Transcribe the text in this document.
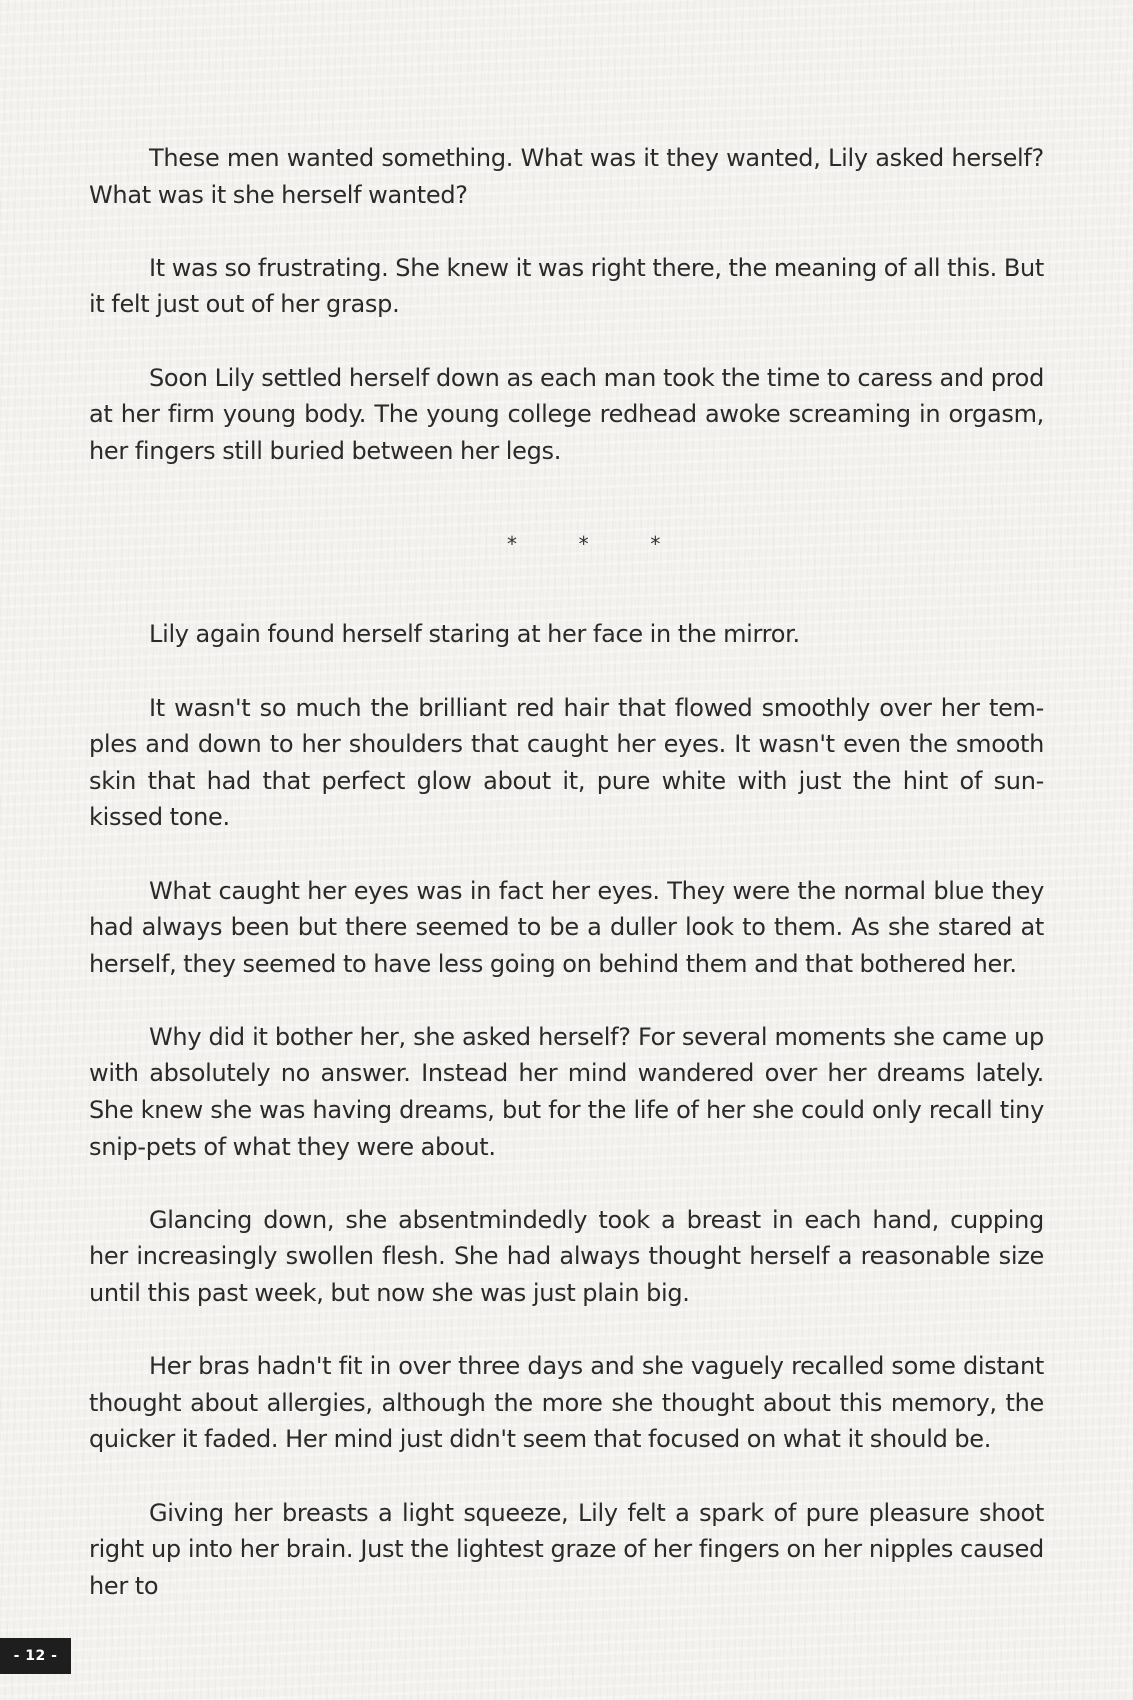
These men wanted something. What was it they wanted, Lily asked herself? What was it she herself wanted?

It was so frustrating. She knew it was right there, the meaning of all this. But it felt just out of her grasp.

Soon Lily settled herself down as each man took the time to caress and prod at her firm young body. The young college redhead awoke screaming in orgasm, her fingers still buried between her legs.

*	*	*

Lily again found herself staring at her face in the mirror.

It wasn't so much the brilliant red hair that flowed smoothly over her tem-ples and down to her shoulders that caught her eyes. It wasn't even the smooth skin that had that perfect glow about it, pure white with just the hint of sun-kissed tone.

What caught her eyes was in fact her eyes. They were the normal blue they had always been but there seemed to be a duller look to them. As she stared at herself, they seemed to have less going on behind them and that bothered her.

Why did it bother her, she asked herself? For several moments she came up with absolutely no answer. Instead her mind wandered over her dreams lately. She knew she was having dreams, but for the life of her she could only recall tiny snip-pets of what they were about.

Glancing down, she absentmindedly took a breast in each hand, cupping her increasingly swollen flesh. She had always thought herself a reasonable size until this past week, but now she was just plain big.

Her bras hadn't fit in over three days and she vaguely recalled some distant thought about allergies, although the more she thought about this memory, the quicker it faded. Her mind just didn't seem that focused on what it should be.

Giving her breasts a light squeeze, Lily felt a spark of pure pleasure shoot right up into her brain. Just the lightest graze of her fingers on her nipples caused her to

- 12 -
